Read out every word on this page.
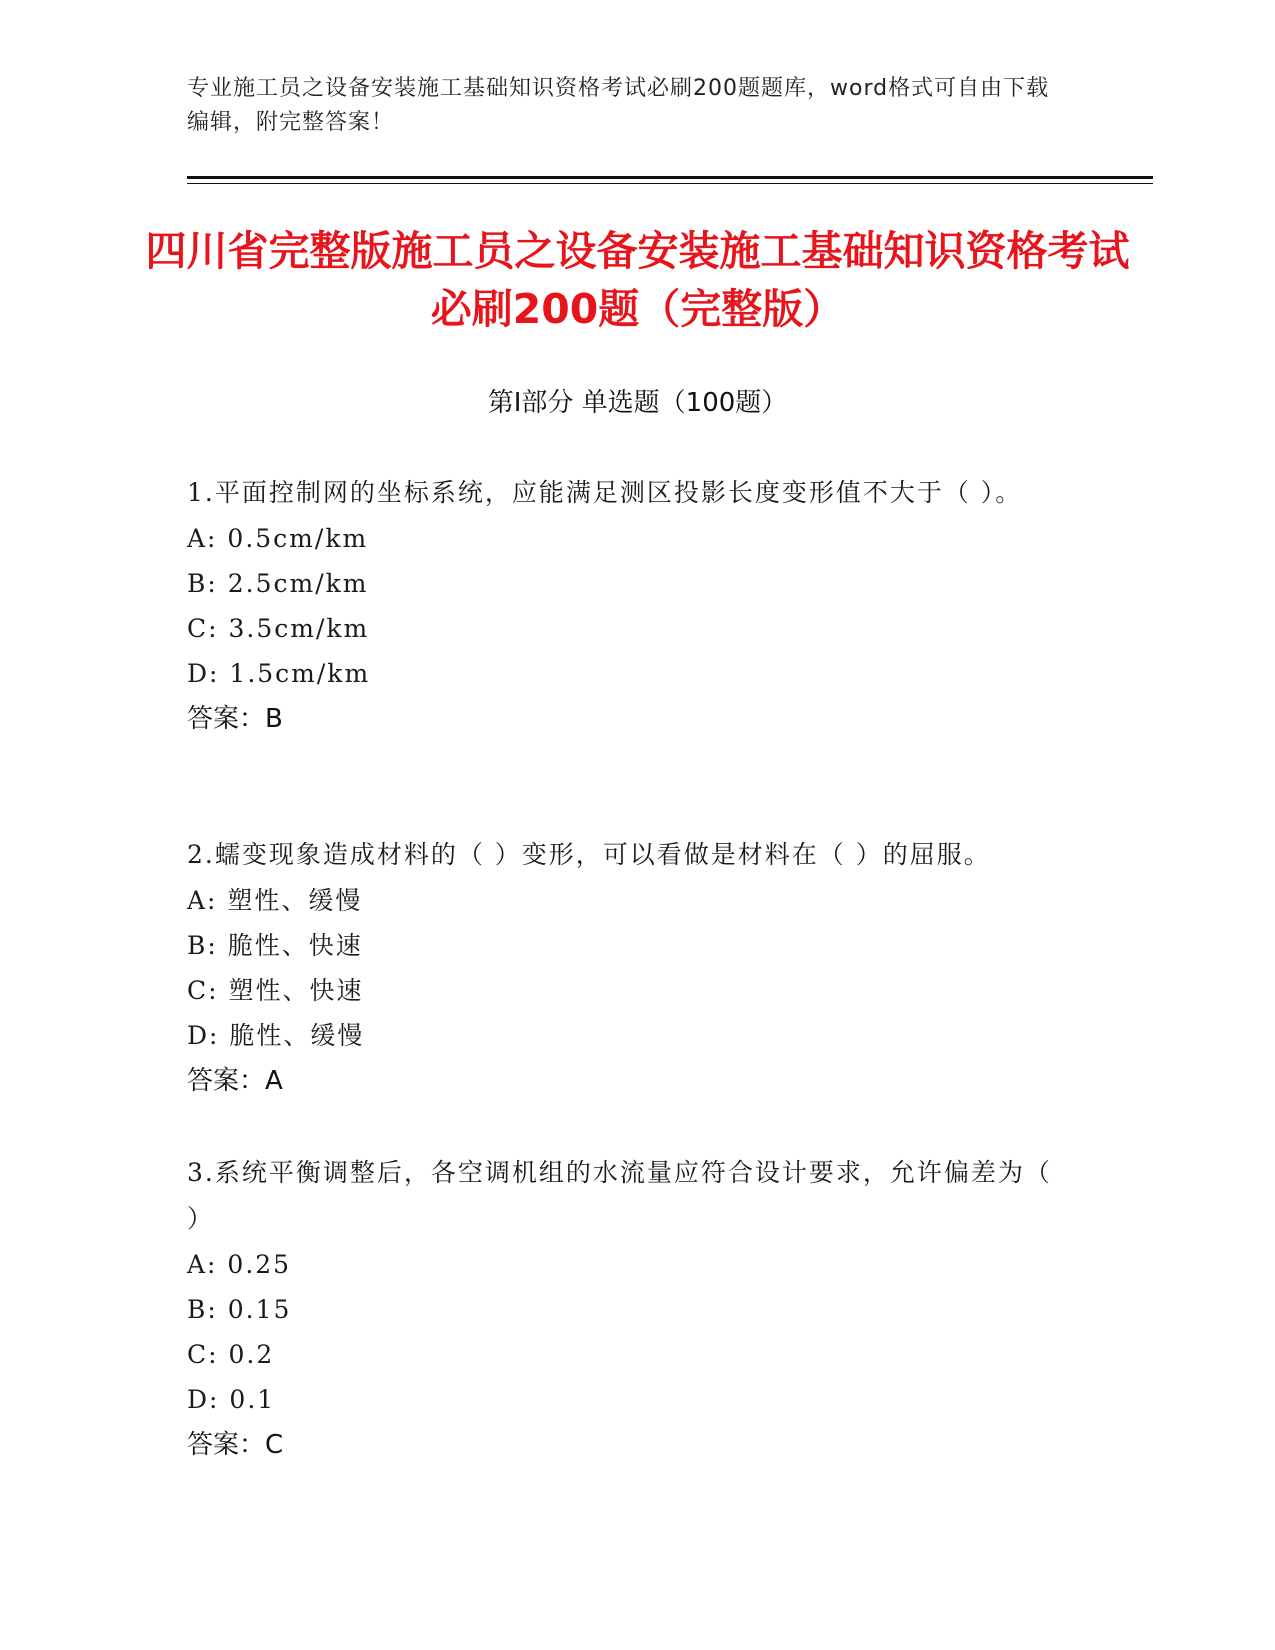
专业施工员之设备安装施工基础知识资格考试必刷200题题库，word格式可自由下载编辑，附完整答案！
四川省完整版施工员之设备安装施工基础知识资格考试必刷200题（完整版）
第I部分 单选题（100题）
1.平面控制网的坐标系统，应能满足测区投影长度变形值不大于（ ）。
A: 0.5cm/km
B: 2.5cm/km
C: 3.5cm/km
D: 1.5cm/km
答案：B
2.蠕变现象造成材料的（ ）变形，可以看做是材料在（ ）的屈服。
A: 塑性、缓慢
B: 脆性、快速
C: 塑性、快速
D: 脆性、缓慢
答案：A
3.系统平衡调整后，各空调机组的水流量应符合设计要求，允许偏差为（ ）
A: 0.25
B: 0.15
C: 0.2
D: 0.1
答案：C
